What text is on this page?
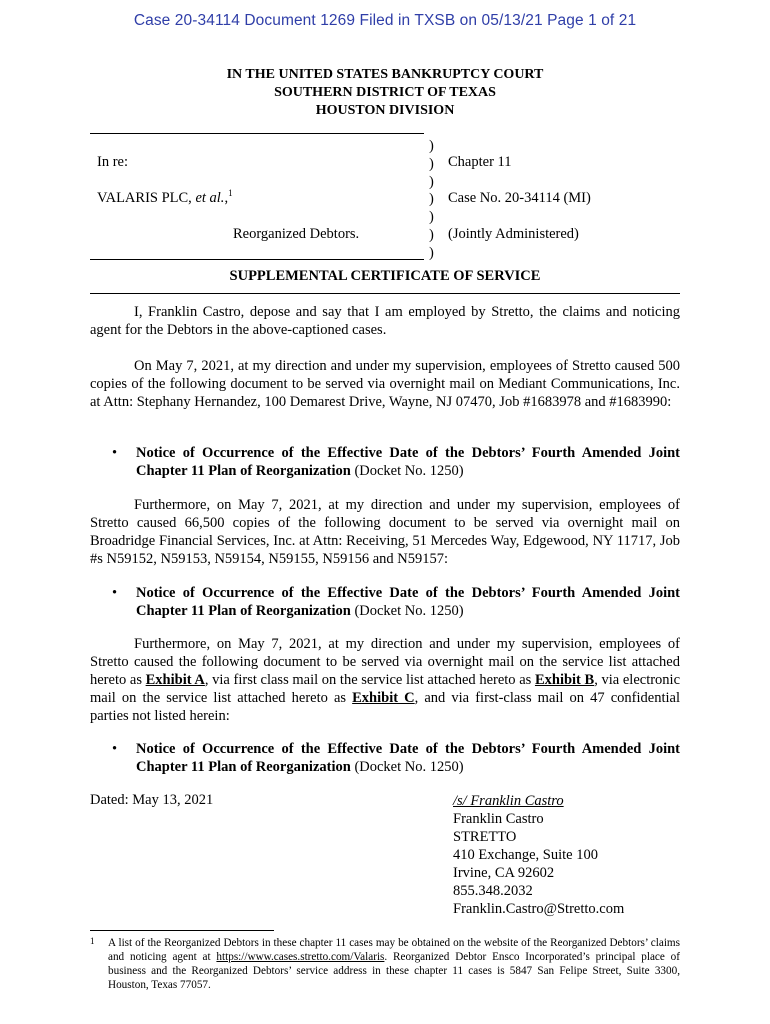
Case 20-34114 Document 1269 Filed in TXSB on 05/13/21 Page 1 of 21
IN THE UNITED STATES BANKRUPTCY COURT
SOUTHERN DISTRICT OF TEXAS
HOUSTON DIVISION
In re:
VALARIS PLC, et al.,$^1$
Reorganized Debtors.
)
)
)
)
)
)
)
Chapter 11
Case No. 20-34114 (MI)
(Jointly Administered)
SUPPLEMENTAL CERTIFICATE OF SERVICE

I, Franklin Castro, depose and say that I am employed by Stretto, the claims and noticing agent for the Debtors in the above-captioned cases.

On May 7, 2021, at my direction and under my supervision, employees of Stretto caused 500 copies of the following document to be served via overnight mail on Mediant Communications, Inc. at Attn: Stephany Hernandez, 100 Demarest Drive, Wayne, NJ 07470, Job #1683978 and #1683990:

• Notice of Occurrence of the Effective Date of the Debtors’ Fourth Amended Joint Chapter 11 Plan of Reorganization (Docket No. 1250)

Furthermore, on May 7, 2021, at my direction and under my supervision, employees of Stretto caused 66,500 copies of the following document to be served via overnight mail on Broadridge Financial Services, Inc. at Attn: Receiving, 51 Mercedes Way, Edgewood, NY 11717, Job #s N59152, N59153, N59154, N59155, N59156 and N59157:

• Notice of Occurrence of the Effective Date of the Debtors’ Fourth Amended Joint Chapter 11 Plan of Reorganization (Docket No. 1250)

Furthermore, on May 7, 2021, at my direction and under my supervision, employees of Stretto caused the following document to be served via overnight mail on the service list attached hereto as Exhibit A, via first class mail on the service list attached hereto as Exhibit B, via electronic mail on the service list attached hereto as Exhibit C, and via first-class mail on 47 confidential parties not listed herein:

• Notice of Occurrence of the Effective Date of the Debtors’ Fourth Amended Joint Chapter 11 Plan of Reorganization (Docket No. 1250)
Dated: May 13, 2021	/s/ Franklin Castro
Franklin Castro
STRETTO
410 Exchange, Suite 100
Irvine, CA 92602
855.348.2032
Franklin.Castro@Stretto.com
1 A list of the Reorganized Debtors in these chapter 11 cases may be obtained on the website of the Reorganized Debtors’ claims and noticing agent at https://www.cases.stretto.com/Valaris. Reorganized Debtor Ensco Incorporated’s principal place of business and the Reorganized Debtors’ service address in these chapter 11 cases is 5847 San Felipe Street, Suite 3300, Houston, Texas 77057.
